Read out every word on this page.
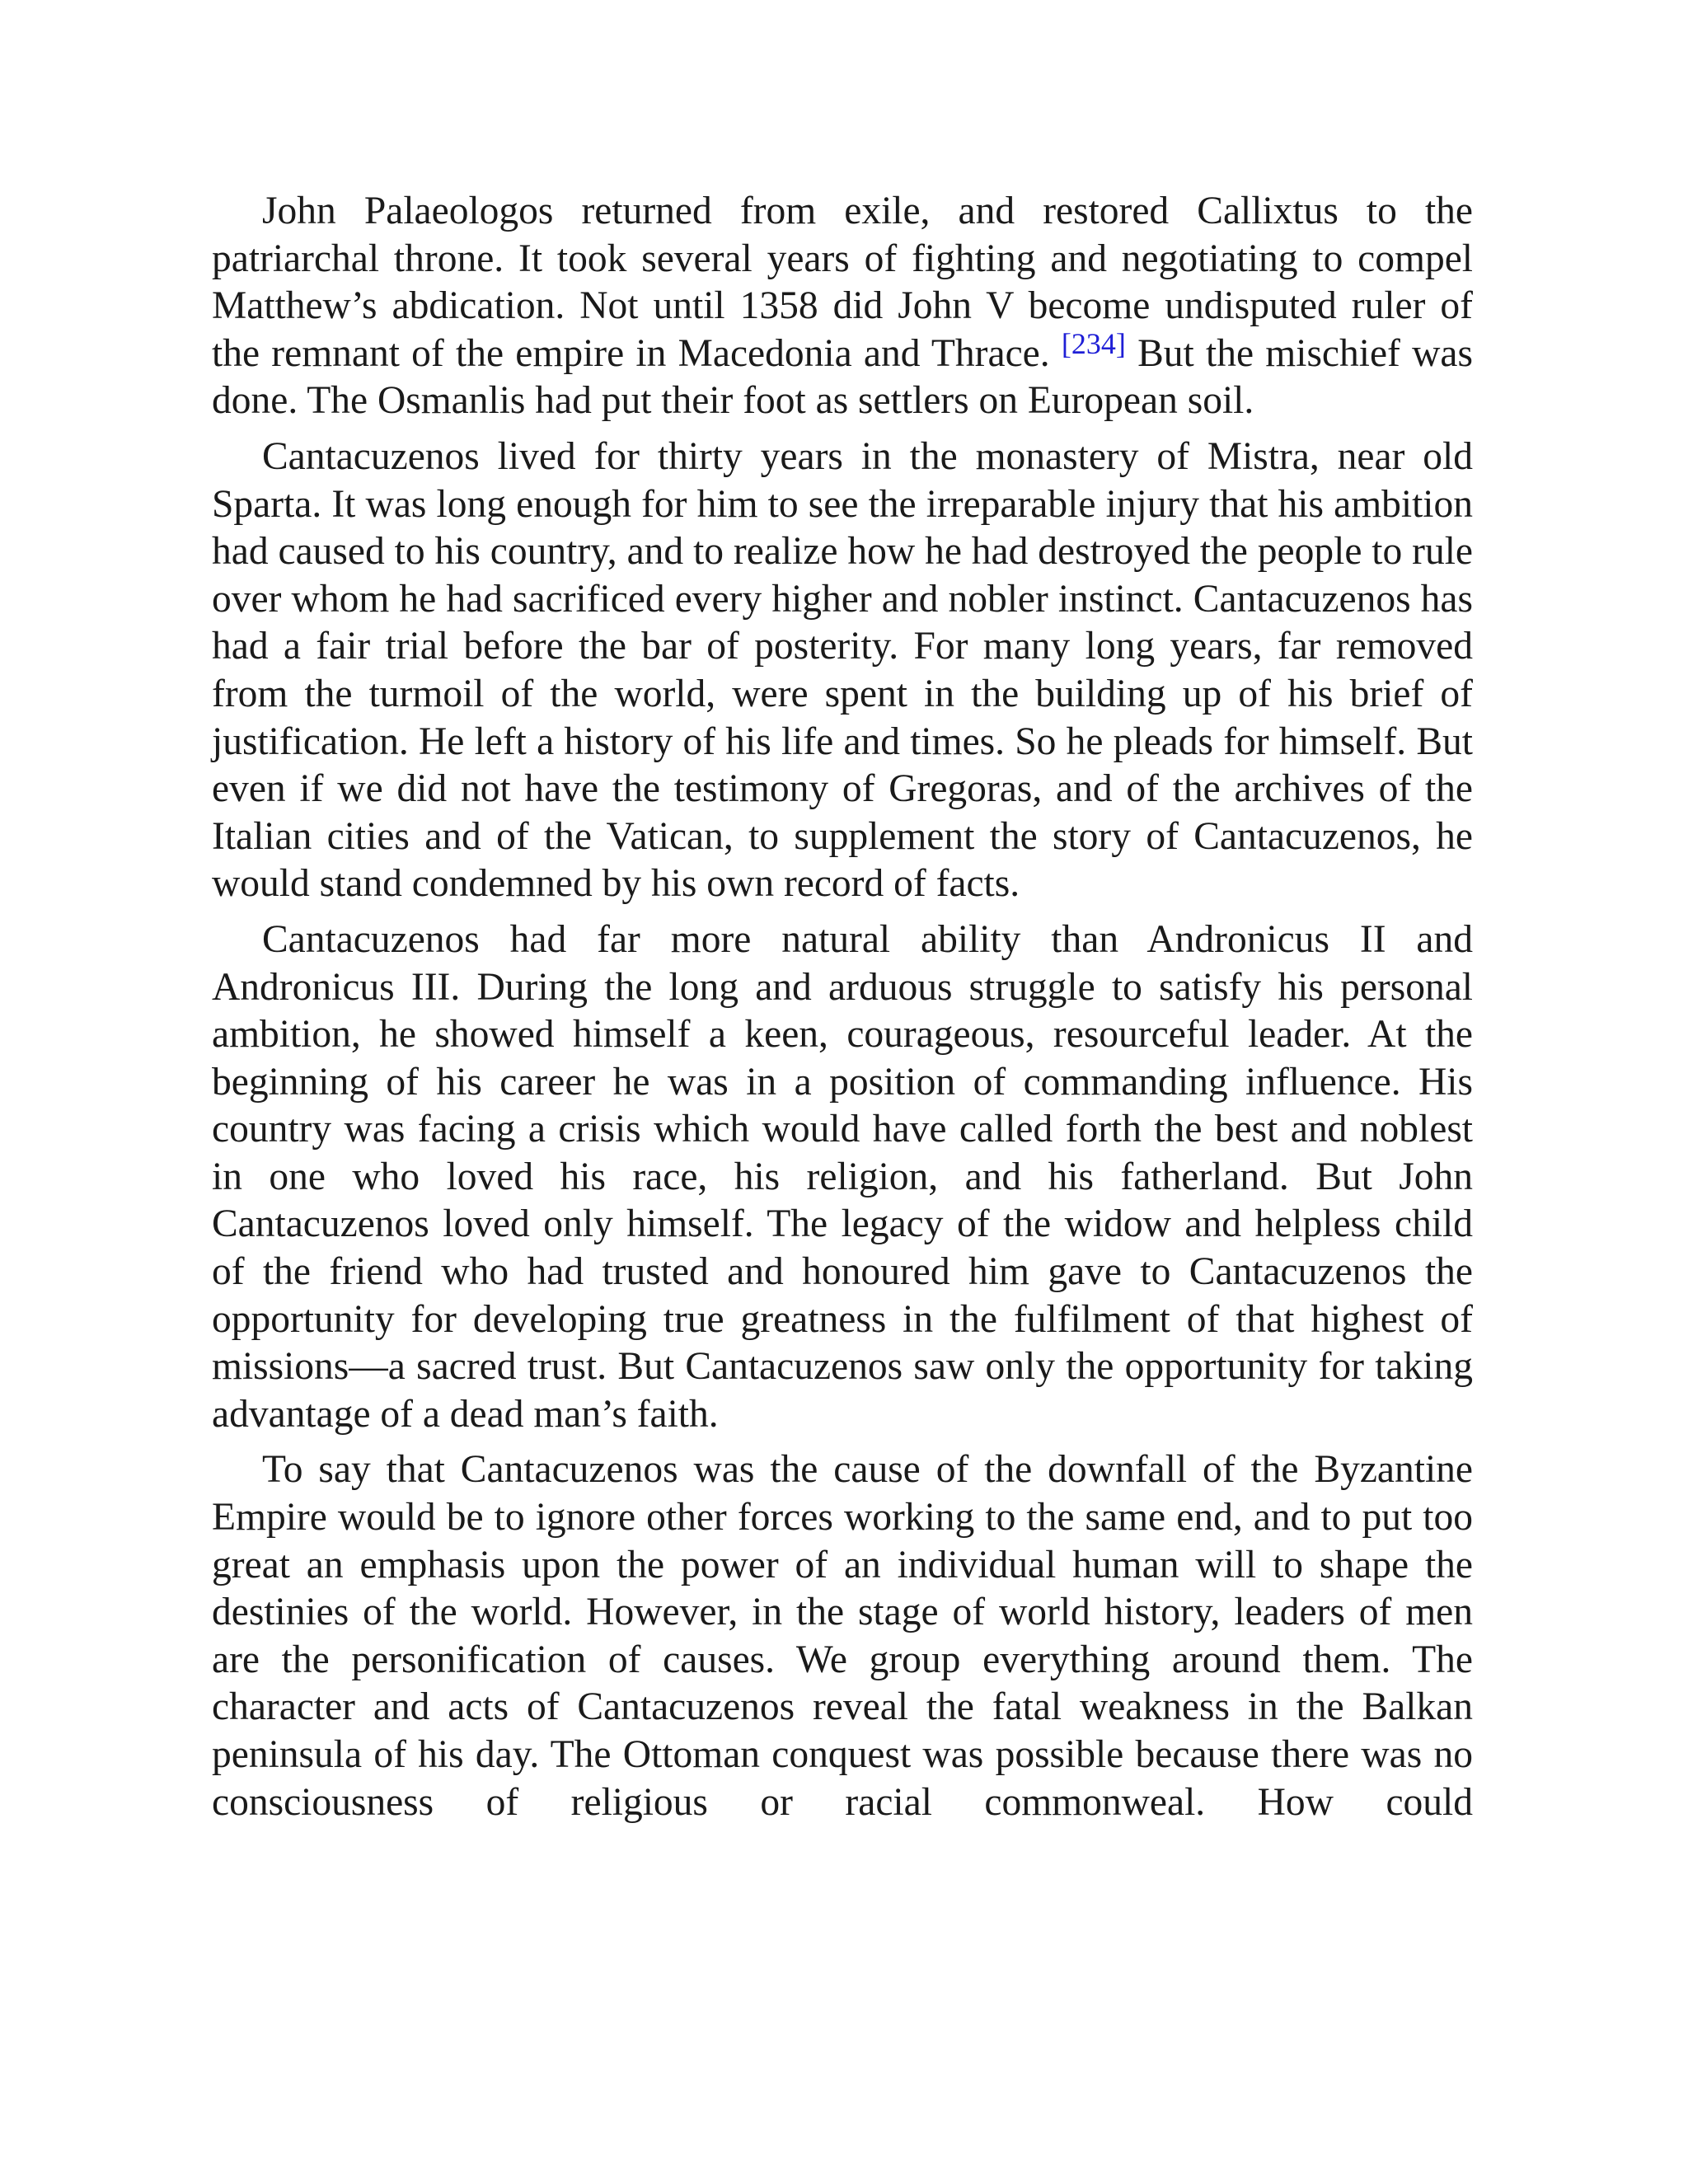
John Palaeologos returned from exile, and restored Callixtus to the patriarchal throne. It took several years of fighting and negotiating to compel Matthew’s abdication. Not until 1358 did John V become undisputed ruler of the remnant of the empire in Macedonia and Thrace. [234] But the mischief was done. The Osmanlis had put their foot as settlers on European soil.

Cantacuzenos lived for thirty years in the monastery of Mistra, near old Sparta. It was long enough for him to see the irreparable injury that his ambition had caused to his country, and to realize how he had destroyed the people to rule over whom he had sacrificed every higher and nobler instinct. Cantacuzenos has had a fair trial before the bar of posterity. For many long years, far removed from the turmoil of the world, were spent in the building up of his brief of justification. He left a history of his life and times. So he pleads for himself. But even if we did not have the testimony of Gregoras, and of the archives of the Italian cities and of the Vatican, to supplement the story of Cantacuzenos, he would stand condemned by his own record of facts.

Cantacuzenos had far more natural ability than Andronicus II and Andronicus III. During the long and arduous struggle to satisfy his personal ambition, he showed himself a keen, courageous, resourceful leader. At the beginning of his career he was in a position of commanding influence. His country was facing a crisis which would have called forth the best and noblest in one who loved his race, his religion, and his fatherland. But John Cantacuzenos loved only himself. The legacy of the widow and helpless child of the friend who had trusted and honoured him gave to Cantacuzenos the opportunity for developing true greatness in the fulfilment of that highest of missions—a sacred trust. But Cantacuzenos saw only the opportunity for taking advantage of a dead man’s faith.

To say that Cantacuzenos was the cause of the downfall of the Byzantine Empire would be to ignore other forces working to the same end, and to put too great an emphasis upon the power of an individual human will to shape the destinies of the world. However, in the stage of world history, leaders of men are the personification of causes. We group everything around them. The character and acts of Cantacuzenos reveal the fatal weakness in the Balkan peninsula of his day. The Ottoman conquest was possible because there was no consciousness of religious or racial commonweal. How could
